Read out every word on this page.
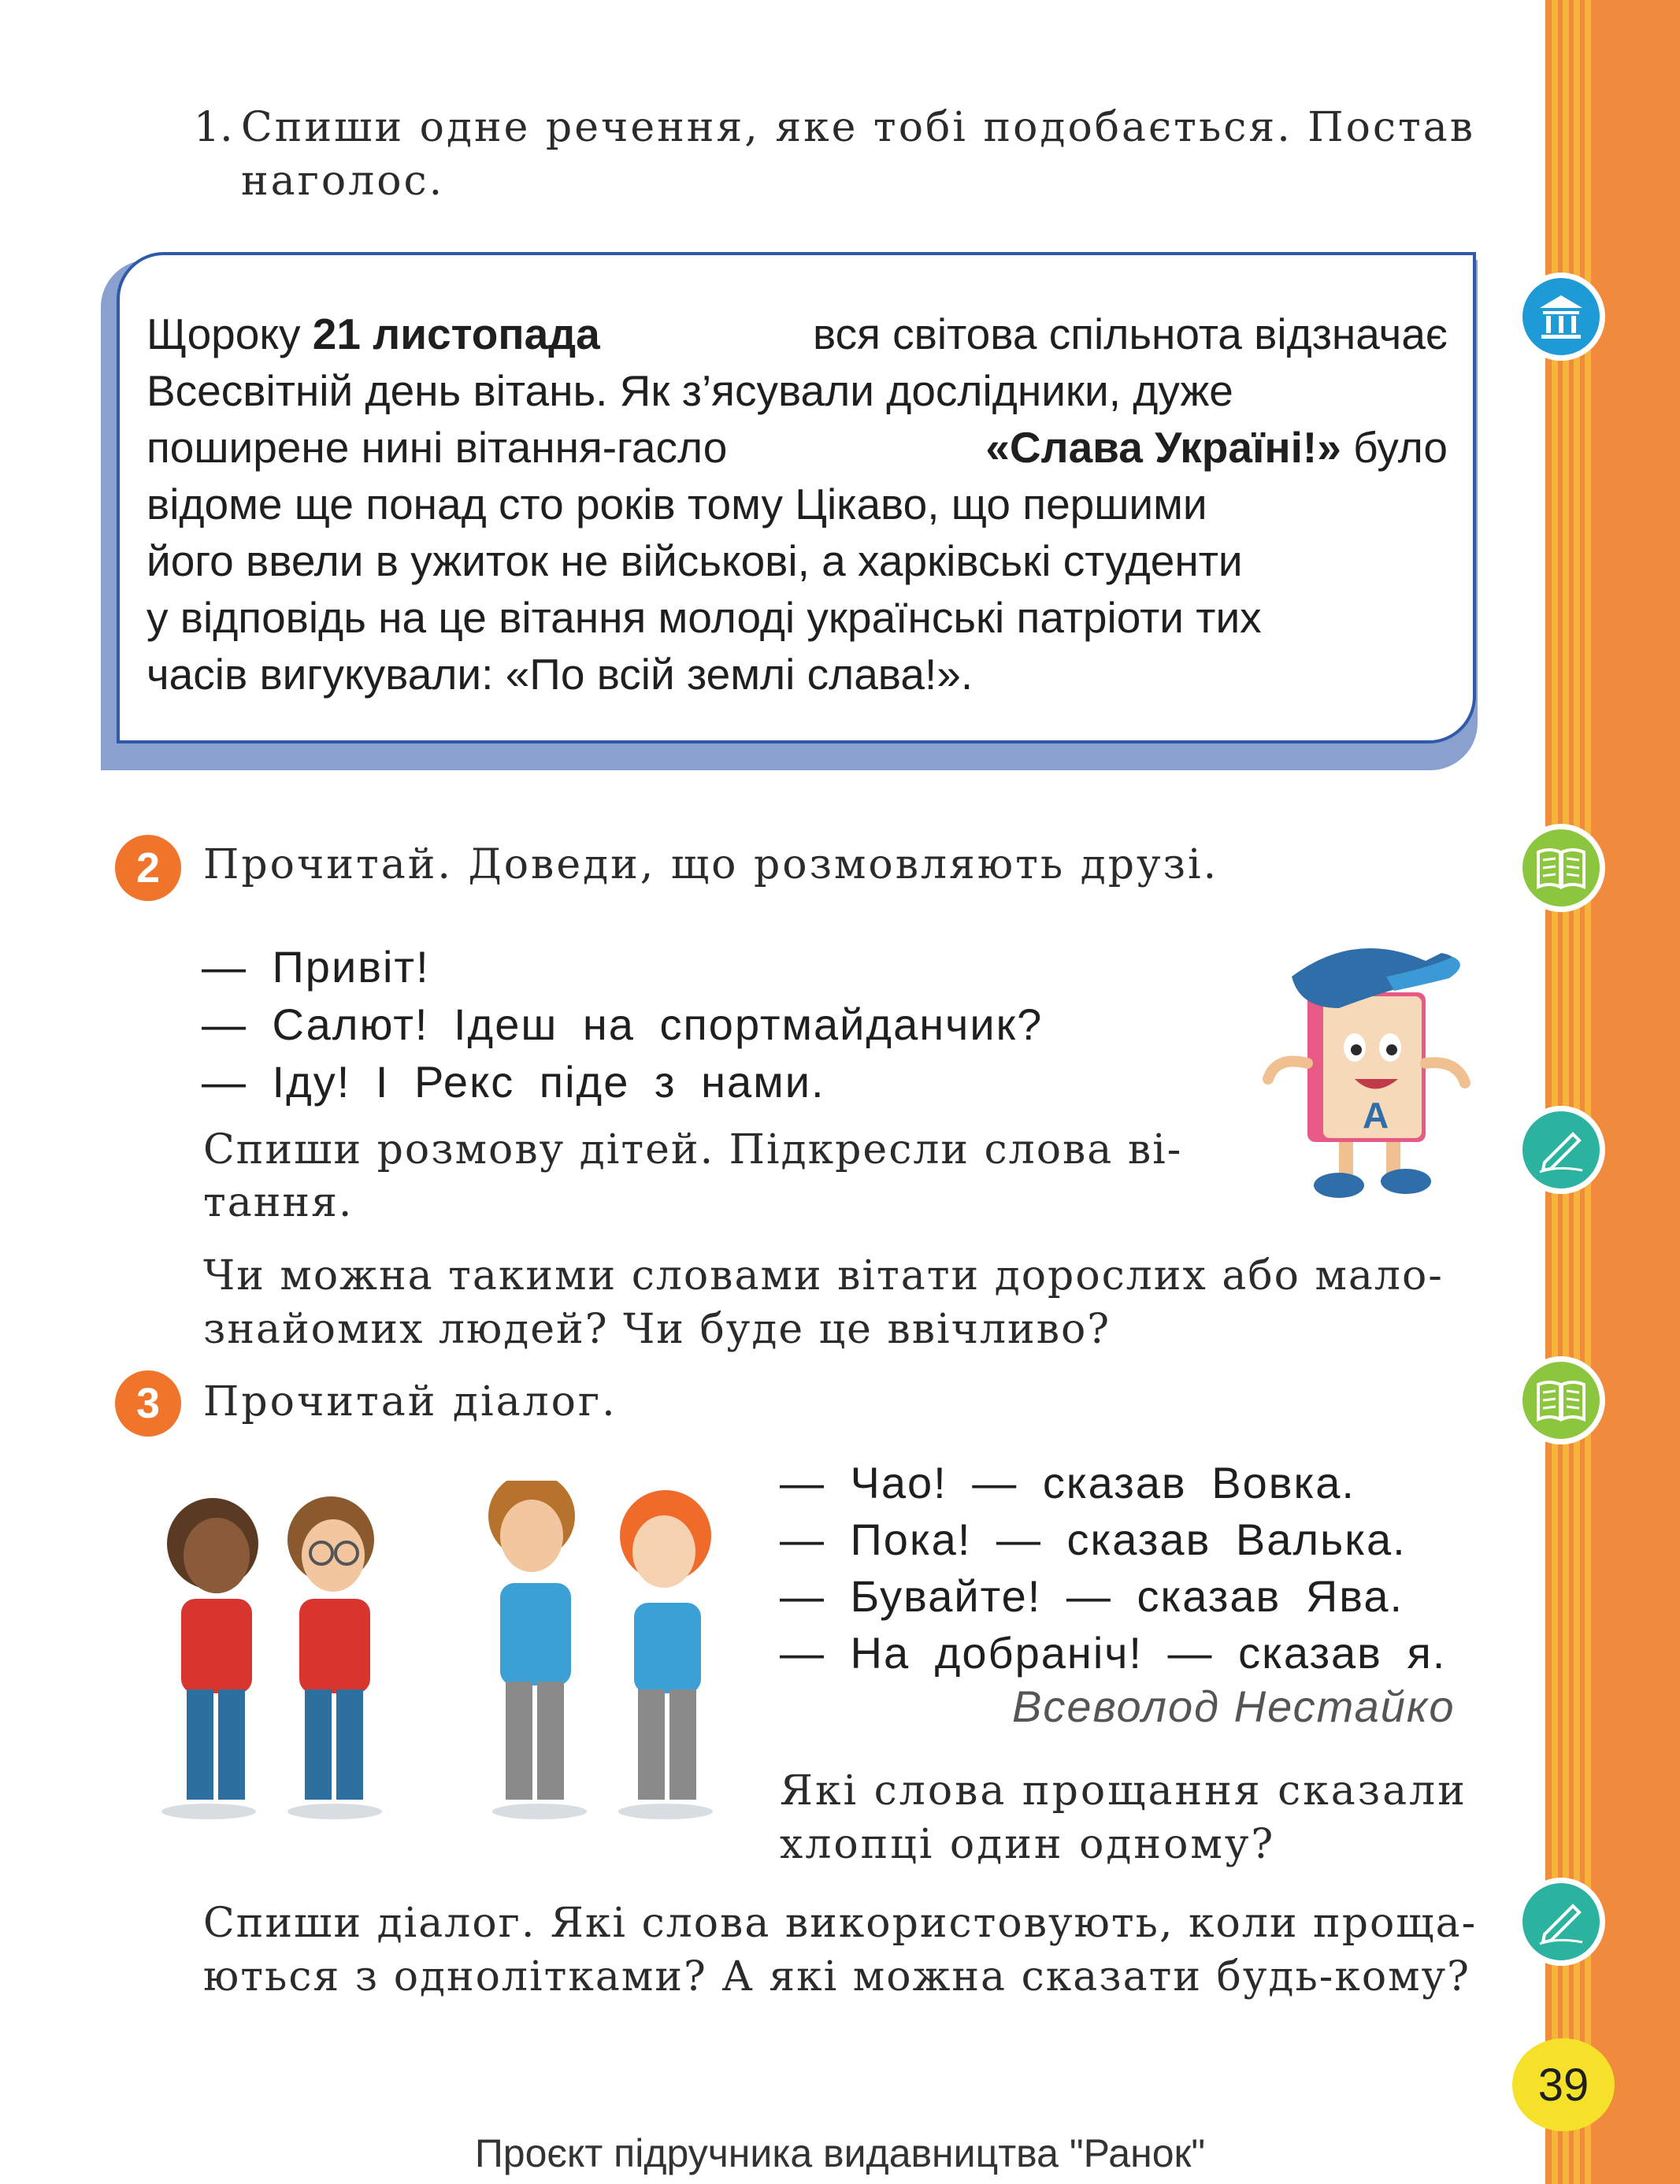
1. Спиши одне речення, яке тобі подобається. Постав
наголос.
Щороку 21 листопада	вся світова спільнота відзначає
Всесвітній день вітань. Як з’ясували дослідники, дуже
поширене нині вітання-гасло	«Слава Україні!» було
відоме ще понад сто років тому Цікаво, що першими
його ввели в ужиток не військові, а харківські студенти
у відповідь на це вітання молоді українські патріоти тих
часів вигукували: «По всій землі слава!».
2	Прочитай. Доведи, що розмовляють друзі.
— Привіт!
— Салют! Ідеш на спортмайданчик?
— Іду! І Рекс піде з нами.
Спиши розмову дітей. Підкресли слова ві-
тання.
Чи можна такими словами вітати дорослих або мало-
знайомих людей? Чи буде це ввічливо?
A
3	Прочитай діалог.
— Чао! — сказав Вовка.
— Пока! — сказав Валька.
— Бувайте! — сказав Ява.
— На добраніч! — сказав я.
Всеволод Нестайко
Які слова прощання сказали
хлопці один одному?
Спиши діалог. Які слова використовують, коли проща-
ються з однолітками? А які можна сказати будь-кому?
39
Проєкт підручника видавництва "Ранок"
